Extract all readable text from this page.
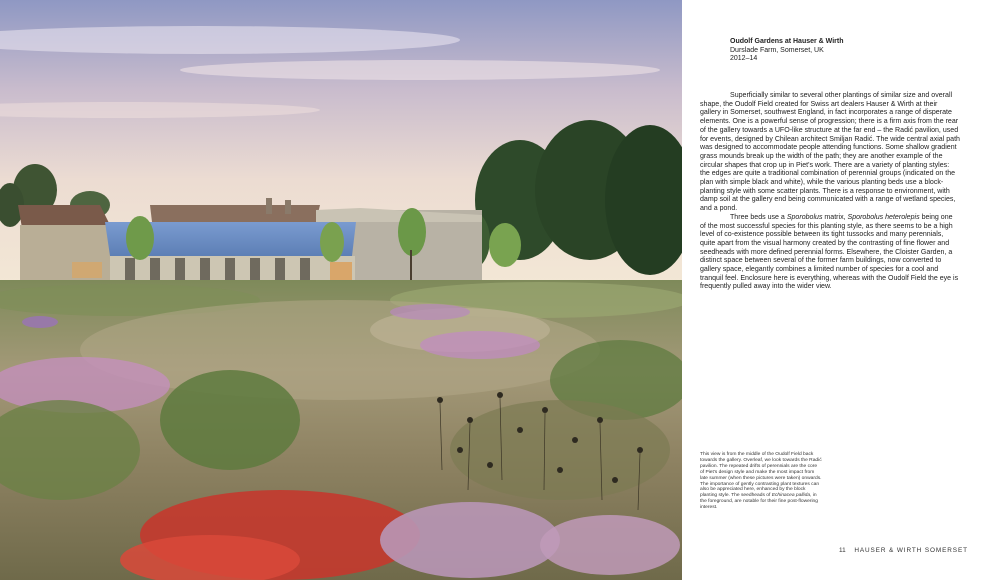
Oudolf Gardens at Hauser & Wirth
Durslade Farm, Somerset, UK
2012–14

Superficially similar to several other plantings of similar size and overall shape, the Oudolf Field created for Swiss art dealers Hauser & Wirth at their gallery in Somerset, southwest England, in fact incorporates a range of disperate elements. One is a powerful sense of progression; there is a firm axis from the rear of the gallery towards a UFO-like structure at the far end – the Radić pavilion, used for events, designed by Chilean architect Smiljan Radić. The wide central axial path was designed to accommodate people attending functions. Some shallow gradient grass mounds break up the width of the path; they are another example of the circular shapes that crop up in Piet's work. There are a variety of planting styles: the edges are quite a traditional combination of perennial groups (indicated on the plan with simple black and white), while the various planting beds use a block-planting style with some scatter plants. There is a response to environment, with damp soil at the gallery end being communicated with a range of wetland species, and a pond.

Three beds use a Sporobolus matrix, Sporobolus heterolepis being one of the most successful species for this planting style, as there seems to be a high level of co-existence possible between its tight tussocks and many perennials, quite apart from the visual harmony created by the contrasting of fine flower and seedheads with more defined perennial forms. Elsewhere, the Cloister Garden, a distinct space between several of the former farm buildings, now converted to gallery space, elegantly combines a limited number of species for a cool and tranquil feel. Enclosure here is everything, whereas with the Oudolf Field the eye is frequently pulled away into the wider view.

This view is from the middle of the Oudolf Field back towards the gallery. Overleaf, we look towards the Radić pavilion. The repeated drifts of perennials are the core of Piet's design style and make the most impact from late summer (when these pictures were taken) onwards. The importance of gently contrasting plant textures can also be appreciated here, enhanced by the block planting style. The seedheads of Echinacea pallida, in the foreground, are notable for their fine post-flowering interest.
11 HAUSER & WIRTH SOMERSET
